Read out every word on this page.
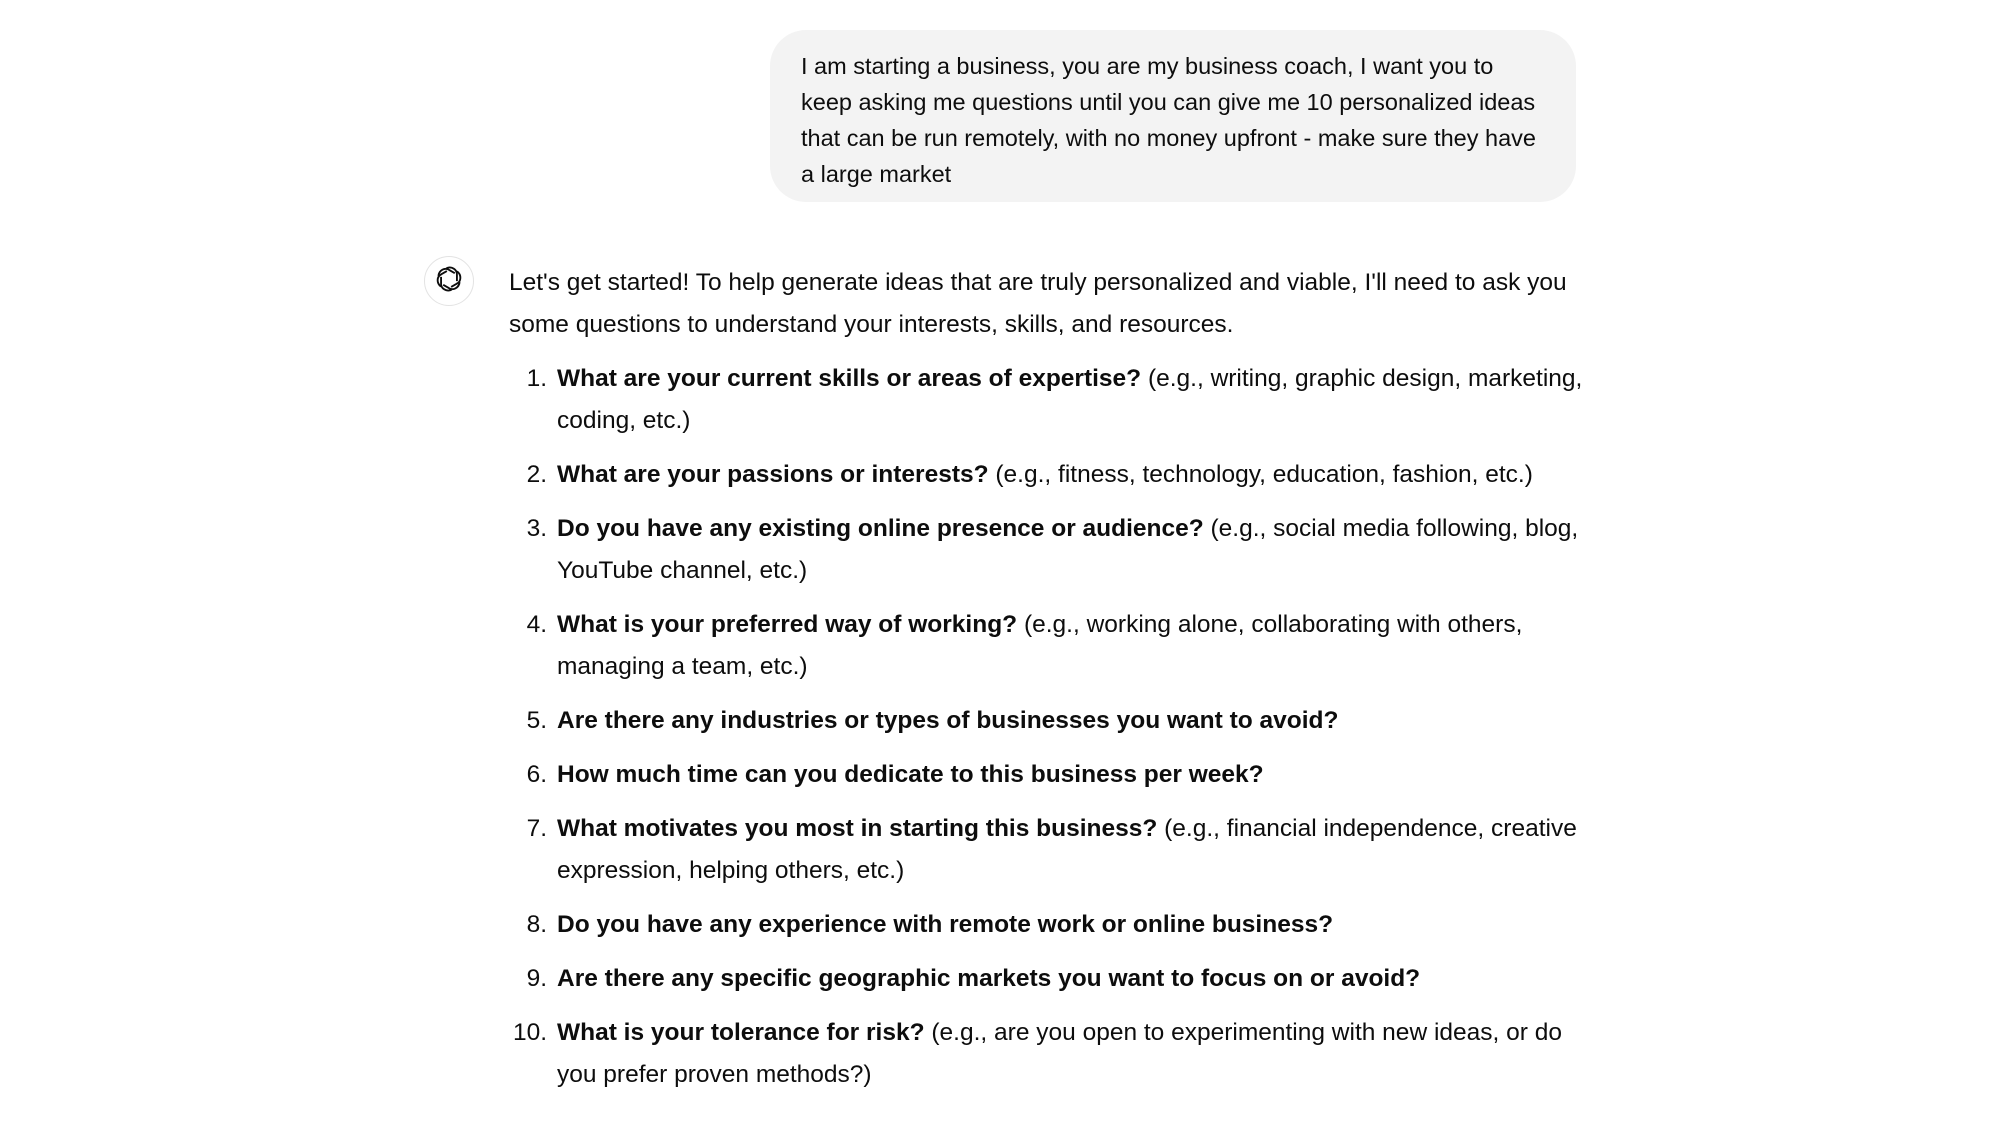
I am starting a business, you are my business coach, I want you to keep asking me questions until you can give me 10 personalized ideas that can be run remotely, with no money upfront - make sure they have a large market

Let's get started! To help generate ideas that are truly personalized and viable, I'll need to ask you some questions to understand your interests, skills, and resources.

1. What are your current skills or areas of expertise? (e.g., writing, graphic design, marketing, coding, etc.)
2. What are your passions or interests? (e.g., fitness, technology, education, fashion, etc.)
3. Do you have any existing online presence or audience? (e.g., social media following, blog, YouTube channel, etc.)
4. What is your preferred way of working? (e.g., working alone, collaborating with others, managing a team, etc.)
5. Are there any industries or types of businesses you want to avoid?
6. How much time can you dedicate to this business per week?
7. What motivates you most in starting this business? (e.g., financial independence, creative expression, helping others, etc.)
8. Do you have any experience with remote work or online business?
9. Are there any specific geographic markets you want to focus on or avoid?
10. What is your tolerance for risk? (e.g., are you open to experimenting with new ideas, or do you prefer proven methods?)
